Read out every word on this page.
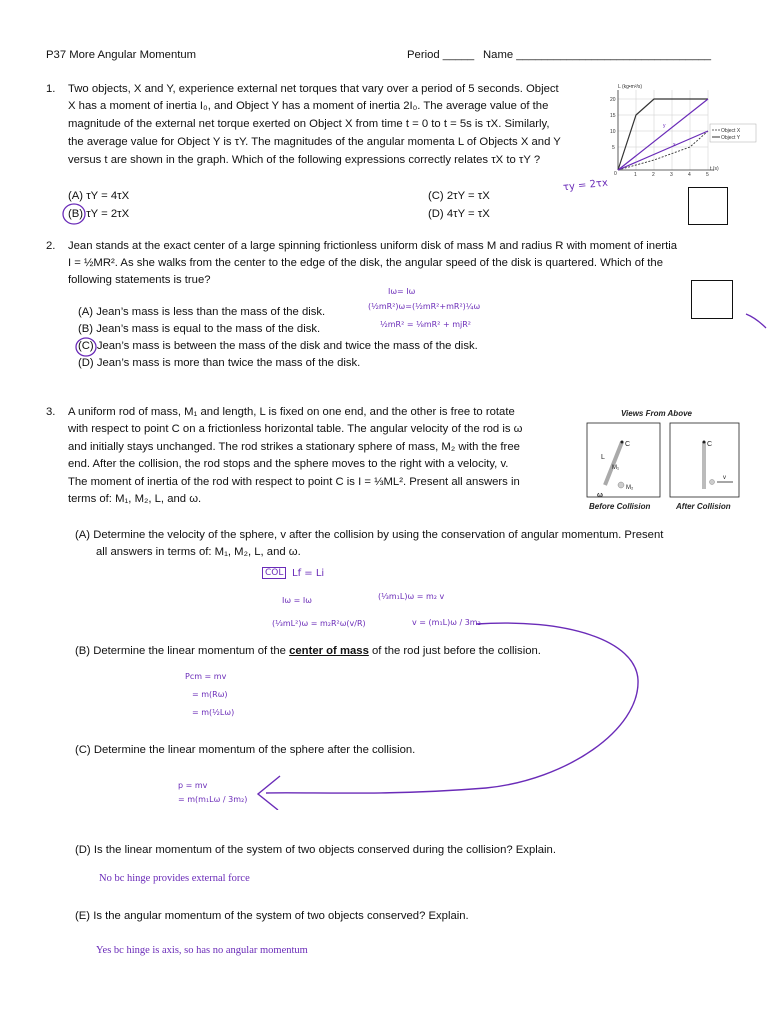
P37 More Angular Momentum	Period _____ Name _______________________________
1. Two objects, X and Y, experience external net torques that vary over a period of 5 seconds. Object
X has a moment of inertia I₀, and Object Y has a moment of inertia 2I₀. The average value of the
magnitude of the external net torque exerted on Object X from time t = 0 to t = 5s is τX. Similarly,
the average value for Object Y is τY. The magnitudes of the angular momenta L of Objects X and Y
versus t are shown in the graph. Which of the following expressions correctly relates τX to τY ?
(A) τY = 4τX
(B) τY = 2τX
(C) 2τY = τX
(D) 4τY = τX
τy = 2τx
L (kg•m²/s)
20
15
10
5
0	1	2	3	4	5
t (s)
y
x
Object X
Object Y
2. Jean stands at the exact center of a large spinning frictionless uniform disk of mass M and radius R with moment of inertia
I = ½MR². As she walks from the center to the edge of the disk, the angular speed of the disk is quartered. Which of the
following statements is true?
(A) Jean’s mass is less than the mass of the disk.
(B) Jean’s mass is equal to the mass of the disk.
(C) Jean’s mass is between the mass of the disk and twice the mass of the disk.
(D) Jean’s mass is more than twice the mass of the disk.
Iω= Iω
(½mR²)ω=(½mR²+mR²)¼ω
½mR² = ⅛mR² + mjR²
3. A uniform rod of mass, M₁ and length, L is fixed on one end, and the other is free to rotate
with respect to point C on a frictionless horizontal table. The angular velocity of the rod is ω
and initially stays unchanged. The rod strikes a stationary sphere of mass, M₂ with the free
end. After the collision, the rod stops and the sphere moves to the right with a velocity, v.
The moment of inertia of the rod with respect to point C is I = ⅓ML². Present all answers in
terms of: M₁, M₂, L, and ω.
Views From Above
C
L
M₁
M₂
ω
C
v
Before Collision	After Collision
(A) Determine the velocity of the sphere, v after the collision by using the conservation of angular momentum. Present
all answers in terms of: M₁, M₂, L, and ω.
COL Lf = Li
Iω = Iω
(⅓mL²)ω = m₂R²ω(v/R)
(⅓m₁L)ω = m₂ v
v = (m₁L)ω / 3m₂
(B) Determine the linear momentum of the center of mass of the rod just before the collision.
Pcm = mv
= m(Rω)
= m(½Lω)
(C) Determine the linear momentum of the sphere after the collision.
p = mv
= m(m₁Lω / 3m₂)
(D) Is the linear momentum of the system of two objects conserved during the collision? Explain.
No bc hinge provides external force
(E) Is the angular momentum of the system of two objects conserved? Explain.
Yes bc hinge is axis, so has no angular momentum
